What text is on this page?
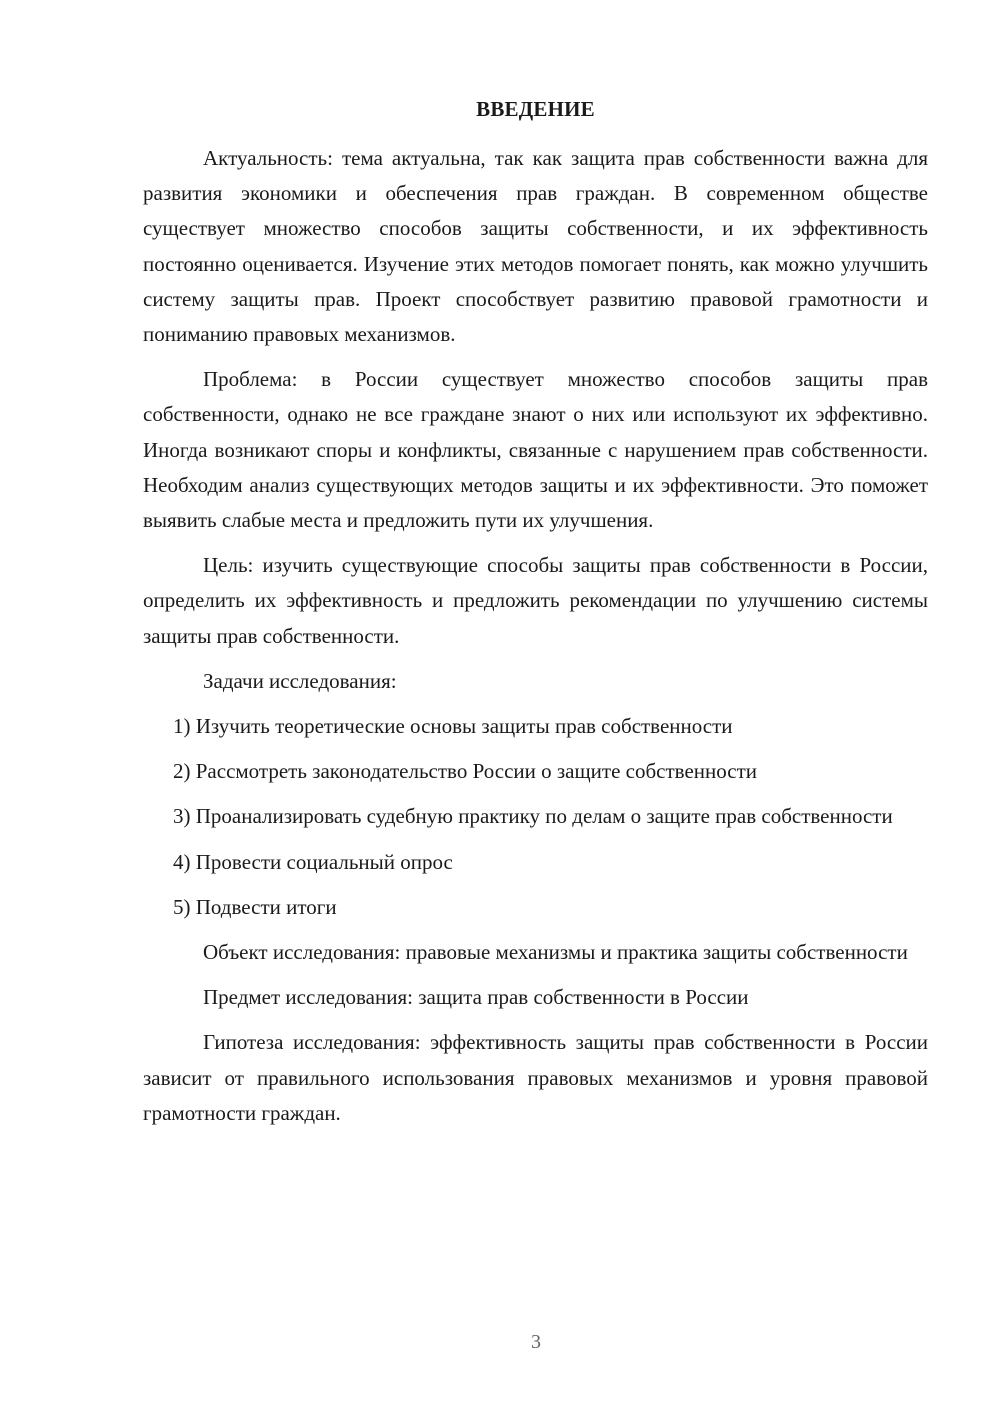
ВВЕДЕНИЕ

Актуальность: тема актуальна, так как защита прав собственности важна для развития экономики и обеспечения прав граждан. В современном обществе существует множество способов защиты собственности, и их эффективность постоянно оценивается. Изучение этих методов помогает понять, как можно улучшить систему защиты прав. Проект способствует развитию правовой грамотности и пониманию правовых механизмов.

Проблема: в России существует множество способов защиты прав собственности, однако не все граждане знают о них или используют их эффективно. Иногда возникают споры и конфликты, связанные с нарушением прав собственности. Необходим анализ существующих методов защиты и их эффективности. Это поможет выявить слабые места и предложить пути их улучшения.

Цель: изучить существующие способы защиты прав собственности в России, определить их эффективность и предложить рекомендации по улучшению системы защиты прав собственности.

Задачи исследования:

1) Изучить теоретические основы защиты прав собственности

2) Рассмотреть законодательство России о защите собственности

3) Проанализировать судебную практику по делам о защите прав собственности

4) Провести социальный опрос

5) Подвести итоги

Объект исследования: правовые механизмы и практика защиты собственности

Предмет исследования: защита прав собственности в России

Гипотеза исследования: эффективность защиты прав собственности в России зависит от правильного использования правовых механизмов и уровня правовой грамотности граждан.

3
